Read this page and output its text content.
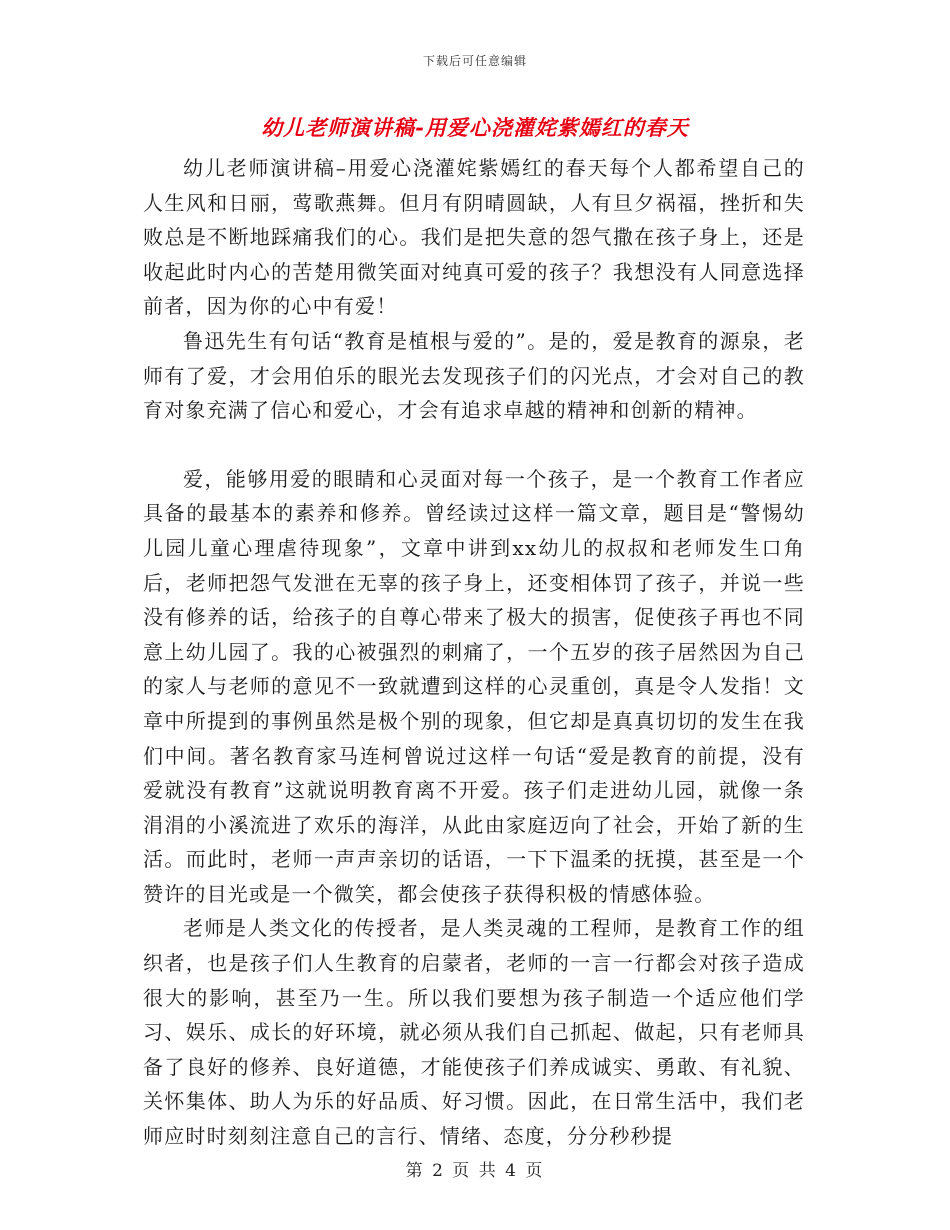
下载后可任意编辑
幼儿老师演讲稿-用爱心浇灌姹紫嫣红的春天

幼儿老师演讲稿–用爱心浇灌姹紫嫣红的春天每个人都希望自己的人生风和日丽，莺歌燕舞。但月有阴晴圆缺，人有旦夕祸福，挫折和失败总是不断地踩痛我们的心。我们是把失意的怨气撒在孩子身上，还是收起此时内心的苦楚用微笑面对纯真可爱的孩子？我想没有人同意选择前者，因为你的心中有爱！

鲁迅先生有句话“教育是植根与爱的”。是的，爱是教育的源泉，老师有了爱，才会用伯乐的眼光去发现孩子们的闪光点，才会对自己的教育对象充满了信心和爱心，才会有追求卓越的精神和创新的精神。

爱，能够用爱的眼睛和心灵面对每一个孩子，是一个教育工作者应具备的最基本的素养和修养。曾经读过这样一篇文章，题目是“警惕幼儿园儿童心理虐待现象”，文章中讲到xx幼儿的叔叔和老师发生口角后，老师把怨气发泄在无辜的孩子身上，还变相体罚了孩子，并说一些没有修养的话，给孩子的自尊心带来了极大的损害，促使孩子再也不同意上幼儿园了。我的心被强烈的刺痛了，一个五岁的孩子居然因为自己的家人与老师的意见不一致就遭到这样的心灵重创，真是令人发指！文章中所提到的事例虽然是极个别的现象，但它却是真真切切的发生在我们中间。著名教育家马连柯曾说过这样一句话“爱是教育的前提，没有爱就没有教育”这就说明教育离不开爱。孩子们走进幼儿园，就像一条涓涓的小溪流进了欢乐的海洋，从此由家庭迈向了社会，开始了新的生活。而此时，老师一声声亲切的话语，一下下温柔的抚摸，甚至是一个赞许的目光或是一个微笑，都会使孩子获得积极的情感体验。

老师是人类文化的传授者，是人类灵魂的工程师，是教育工作的组织者，也是孩子们人生教育的启蒙者，老师的一言一行都会对孩子造成很大的影响，甚至乃一生。所以我们要想为孩子制造一个适应他们学习、娱乐、成长的好环境，就必须从我们自己抓起、做起，只有老师具备了良好的修养、良好道德，才能使孩子们养成诚实、勇敢、有礼貌、关怀集体、助人为乐的好品质、好习惯。因此，在日常生活中，我们老师应时时刻刻注意自己的言行、情绪、态度，分分秒秒提

第 2 页 共 4 页
